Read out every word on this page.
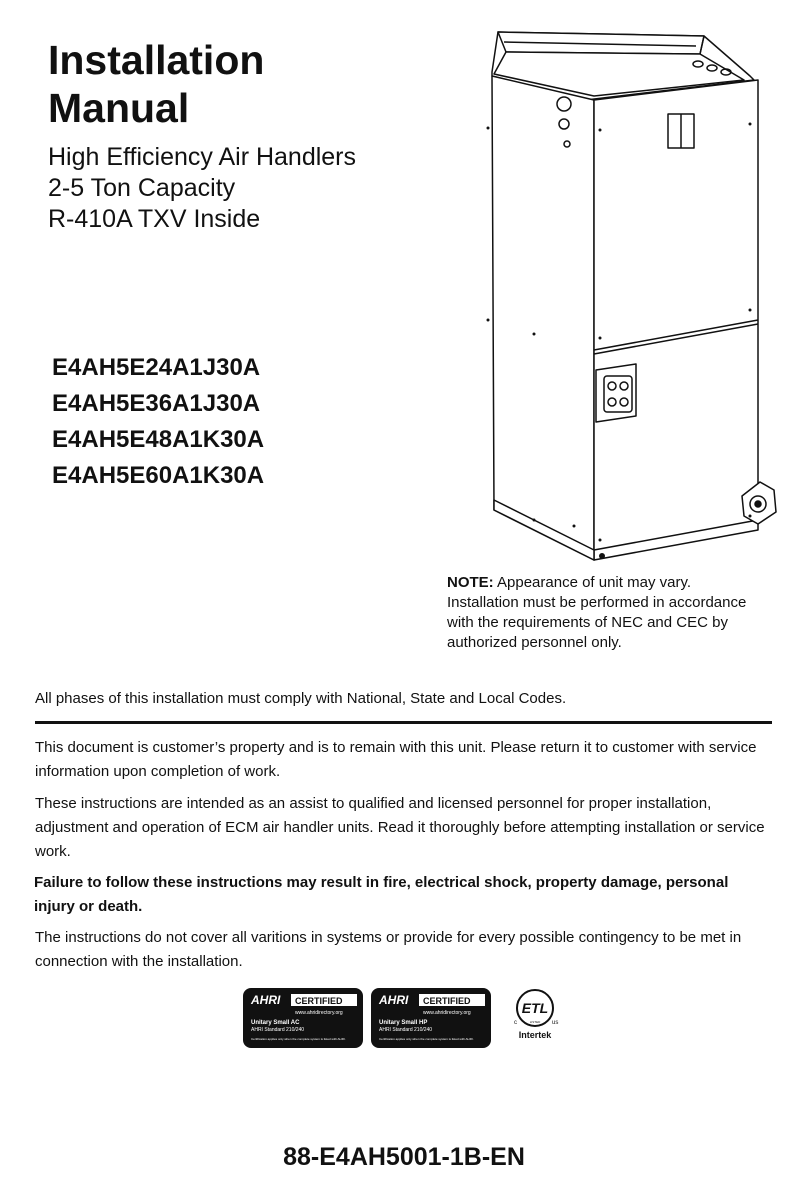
Installation
Manual
High Efficiency Air Handlers
2-5 Ton Capacity
R-410A TXV Inside
E4AH5E24A1J30A
E4AH5E36A1J30A
E4AH5E48A1K30A
E4AH5E60A1K30A
NOTE: Appearance of unit may vary.
Installation must be performed in accordance
with the requirements of NEC and CEC by
authorized personnel only.
All phases of this installation must comply with National, State and Local Codes.
This document is customer’s property and is to remain with this unit. Please return it to customer with service information upon completion of work.
These instructions are intended as an assist to qualified and licensed personnel for proper installation, adjustment and operation of ECM air handler units. Read it thoroughly before attempting installation or service work.
Failure to follow these instructions may result in fire, electrical shock, property damage, personal injury or death.
The instructions do not cover all varitions in systems or provide for every possible contingency to be met in connection with the installation.
AHRI CERTIFIED
www.ahridirectory.org
Unitary Small AC
AHRI Standard 210/240
Certification applies only when the complete system is listed with AHRI.
AHRI CERTIFIED
www.ahridirectory.org
Unitary Small HP
AHRI Standard 210/240
Certification applies only when the complete system is listed with AHRI.
ETL
c	us
LISTED
Intertek
88-E4AH5001-1B-EN
